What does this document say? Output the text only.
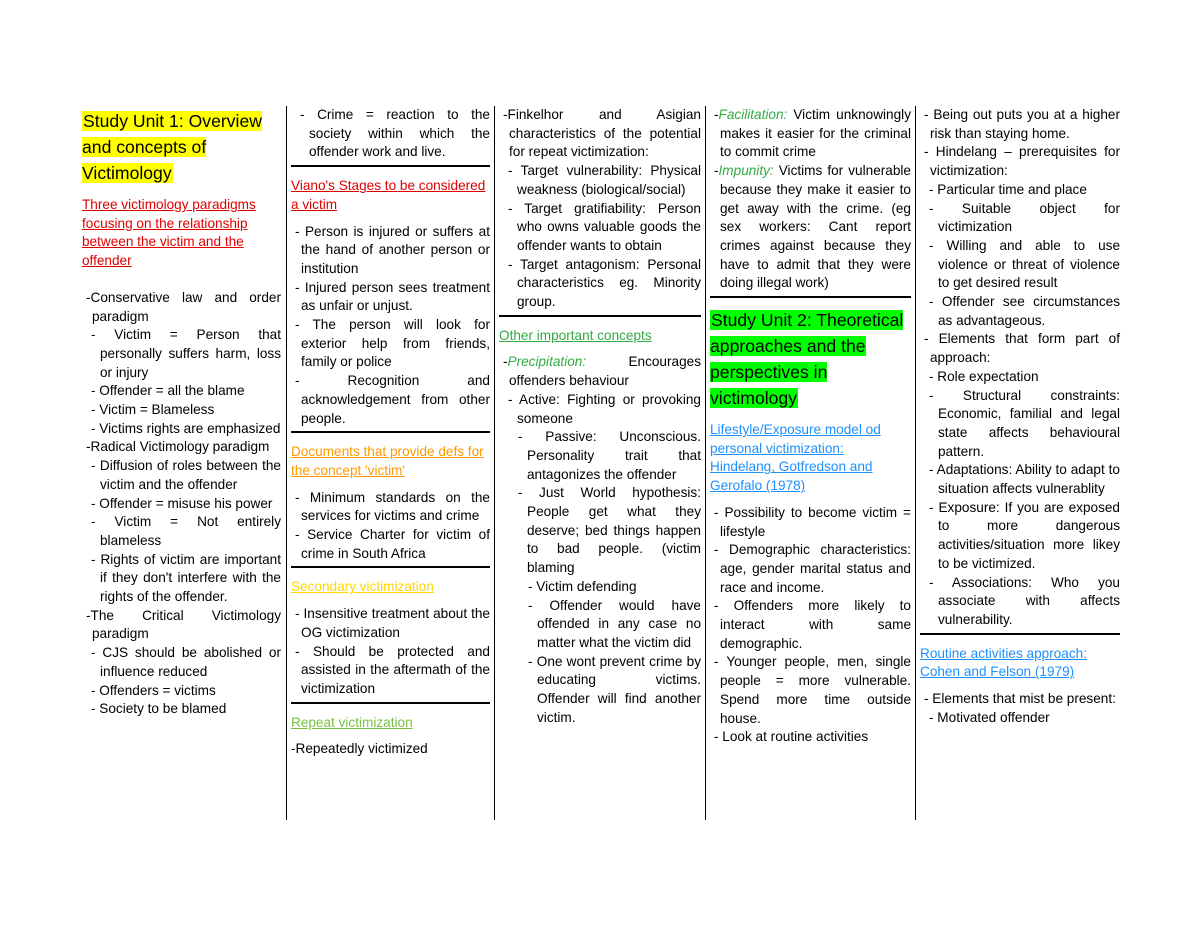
Study Unit 1: Overview and concepts of Victimology
Three victimology paradigms focusing on the relationship between the victim and the offender
-Conservative law and order paradigm
- Victim = Person that personally suffers harm, loss or injury
- Offender = all the blame
- Victim = Blameless
- Victims rights are emphasized
-Radical Victimology paradigm
- Diffusion of roles between the victim and the offender
- Offender = misuse his power
- Victim = Not entirely blameless
- Rights of victim are important if they don't interfere with the rights of the offender.
-The Critical Victimology paradigm
- CJS should be abolished or influence reduced
- Offenders = victims
- Society to be blamed
- Crime = reaction to the society within which the offender work and live.
Viano's Stages to be considered a victim
- Person is injured or suffers at the hand of another person or institution
- Injured person sees treatment as unfair or unjust.
- The person will look for exterior help from friends, family or police
- Recognition and acknowledgement from other people.
Documents that provide defs for the concept 'victim'
- Minimum standards on the services for victims and crime
- Service Charter for victim of crime in South Africa
Secondary victimization
- Insensitive treatment about the OG victimization
- Should be protected and assisted in the aftermath of the victimization
Repeat victimization
-Repeatedly victimized
-Finkelhor and Asigian characteristics of the potential for repeat victimization:
- Target vulnerability: Physical weakness (biological/social)
- Target gratifiability: Person who owns valuable goods the offender wants to obtain
- Target antagonism: Personal characteristics eg. Minority group.
Other important concepts
-Precipitation: Encourages offenders behaviour
- Active: Fighting or provoking someone
- Passive: Unconscious. Personality trait that antagonizes the offender
- Just World hypothesis: People get what they deserve; bed things happen to bad people. (victim blaming
- Victim defending
- Offender would have offended in any case no matter what the victim did
- One wont prevent crime by educating victims. Offender will find another victim.
-Facilitation: Victim unknowingly makes it easier for the criminal to commit crime
-Impunity: Victims for vulnerable because they make it easier to get away with the crime. (eg sex workers: Cant report crimes against because they have to admit that they were doing illegal work)
Study Unit 2: Theoretical approaches and the perspectives in victimology
Lifestyle/Exposure model od personal victimization: Hindelang, Gotfredson and Gerofalo (1978)
- Possibility to become victim = lifestyle
- Demographic characteristics: age, gender marital status and race and income.
- Offenders more likely to interact with same demographic.
- Younger people, men, single people = more vulnerable. Spend more time outside house.
- Look at routine activities
- Being out puts you at a higher risk than staying home.
- Hindelang – prerequisites for victimization:
- Particular time and place
- Suitable object for victimization
- Willing and able to use violence or threat of violence to get desired result
- Offender see circumstances as advantageous.
- Elements that form part of approach:
- Role expectation
- Structural constraints: Economic, familial and legal state affects behavioural pattern.
- Adaptations: Ability to adapt to situation affects vulnerablity
- Exposure: If you are exposed to more dangerous activities/situation more likey to be victimized.
- Associations: Who you associate with affects vulnerability.
Routine activities approach: Cohen and Felson (1979)
- Elements that mist be present:
- Motivated offender
